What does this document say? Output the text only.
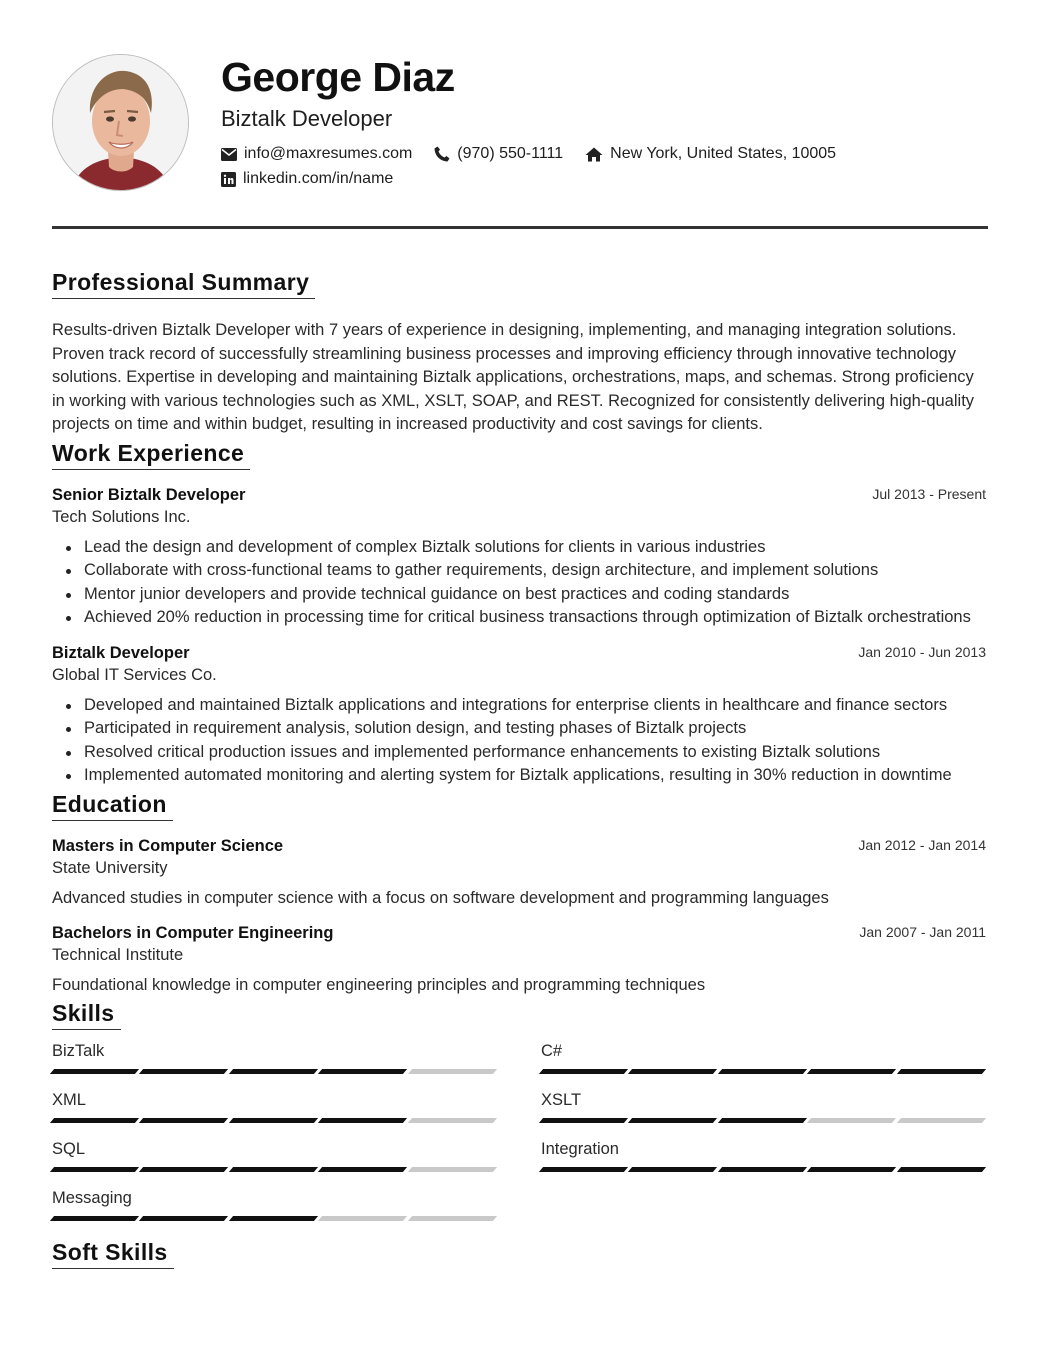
George Diaz
Biztalk Developer
info@maxresumes.com	(970) 550-1111	New York, United States, 10005
linkedin.com/in/name
Professional Summary

Results-driven Biztalk Developer with 7 years of experience in designing, implementing, and managing integration solutions. Proven track record of successfully streamlining business processes and improving efficiency through innovative technology solutions. Expertise in developing and maintaining Biztalk applications, orchestrations, maps, and schemas. Strong proficiency in working with various technologies such as XML, XSLT, SOAP, and REST. Recognized for consistently delivering high-quality projects on time and within budget, resulting in increased productivity and cost savings for clients.

Work Experience
Senior Biztalk Developer	Jul 2013 - Present
Tech Solutions Inc.
Lead the design and development of complex Biztalk solutions for clients in various industries
Collaborate with cross-functional teams to gather requirements, design architecture, and implement solutions
Mentor junior developers and provide technical guidance on best practices and coding standards
Achieved 20% reduction in processing time for critical business transactions through optimization of Biztalk orchestrations
Biztalk Developer	Jan 2010 - Jun 2013
Global IT Services Co.
Developed and maintained Biztalk applications and integrations for enterprise clients in healthcare and finance sectors
Participated in requirement analysis, solution design, and testing phases of Biztalk projects
Resolved critical production issues and implemented performance enhancements to existing Biztalk solutions
Implemented automated monitoring and alerting system for Biztalk applications, resulting in 30% reduction in downtime
Education
Masters in Computer Science	Jan 2012 - Jan 2014
State University
Advanced studies in computer science with a focus on software development and programming languages
Bachelors in Computer Engineering	Jan 2007 - Jan 2011
Technical Institute
Foundational knowledge in computer engineering principles and programming techniques
Skills
BizTalk	C#
XML	XSLT
SQL	Integration
Messaging
Soft Skills
